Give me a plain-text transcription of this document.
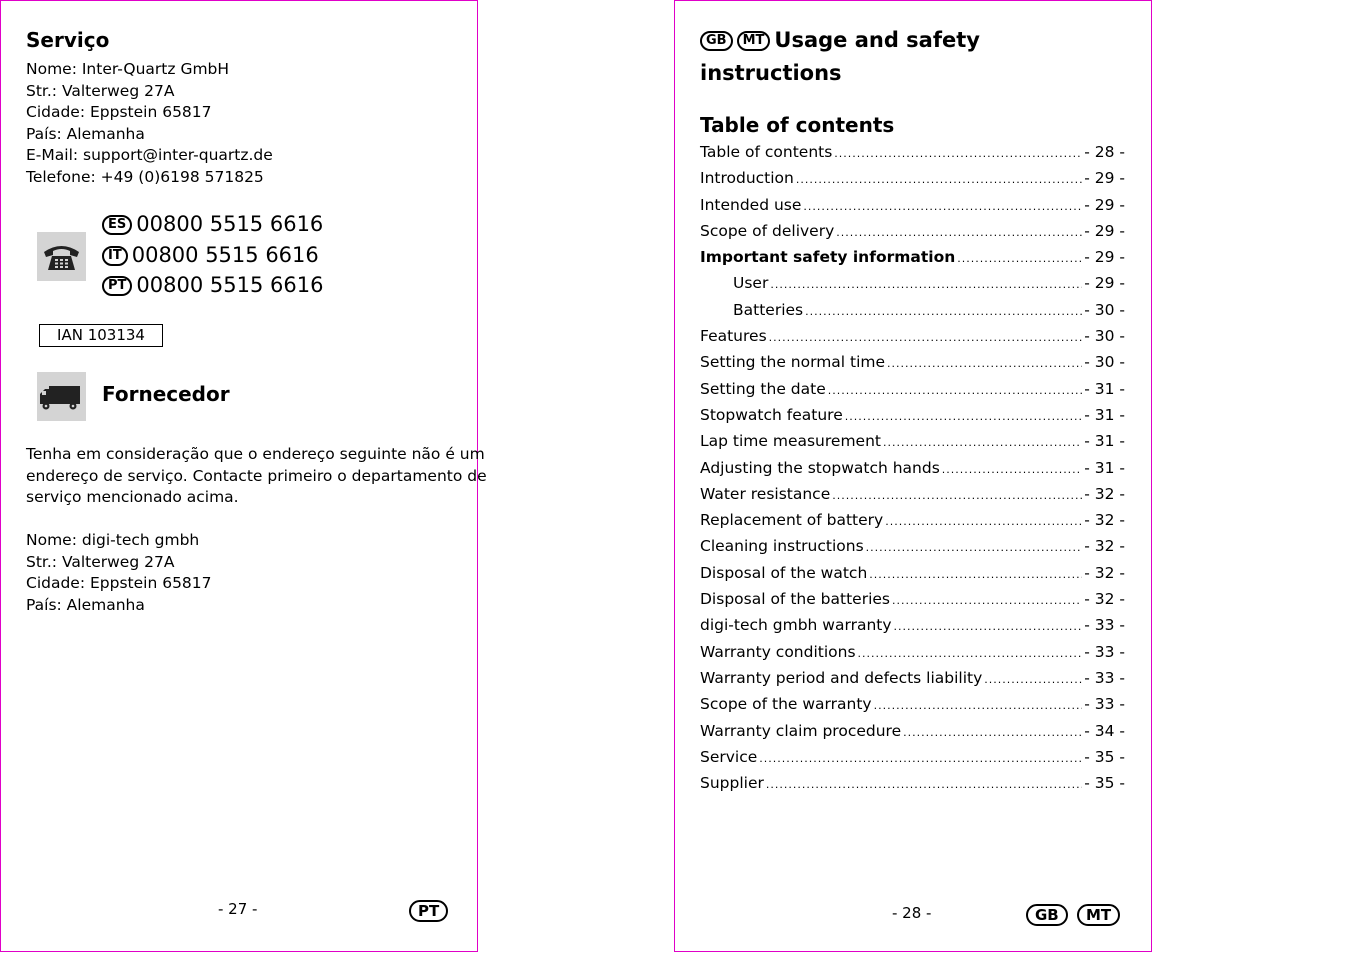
Serviço
Nome: Inter-Quartz GmbH
Str.: Valterweg 27A
Cidade: Eppstein 65817
País: Alemanha
E-Mail: support@inter-quartz.de
Telefone: +49 (0)6198 571825
ES 00800 5515 6616
IT 00800 5515 6616
PT 00800 5515 6616
IAN 103134
Fornecedor
Tenha em consideração que o endereço seguinte não é um
endereço de serviço. Contacte primeiro o departamento de
serviço mencionado acima.
Nome: digi-tech gmbh
Str.: Valterweg 27A
Cidade: Eppstein 65817
País: Alemanha
- 27 -	PT
GB MT Usage and safety
instructions
Table of contents
Table of contents .....	- 28 -
Introduction .....	- 29 -
Intended use .....	- 29 -
Scope of delivery .....	- 29 -
Important safety information .....	- 29 -
User .....	- 29 -
Batteries .....	- 30 -
Features .....	- 30 -
Setting the normal time .....	- 30 -
Setting the date .....	- 31 -
Stopwatch feature .....	- 31 -
Lap time measurement .....	- 31 -
Adjusting the stopwatch hands .....	- 31 -
Water resistance .....	- 32 -
Replacement of battery .....	- 32 -
Cleaning instructions .....	- 32 -
Disposal of the watch .....	- 32 -
Disposal of the batteries .....	- 32 -
digi-tech gmbh warranty .....	- 33 -
Warranty conditions .....	- 33 -
Warranty period and defects liability .....	- 33 -
Scope of the warranty .....	- 33 -
Warranty claim procedure .....	- 34 -
Service .....	- 35 -
Supplier .....	- 35 -
- 28 -	GB	MT
